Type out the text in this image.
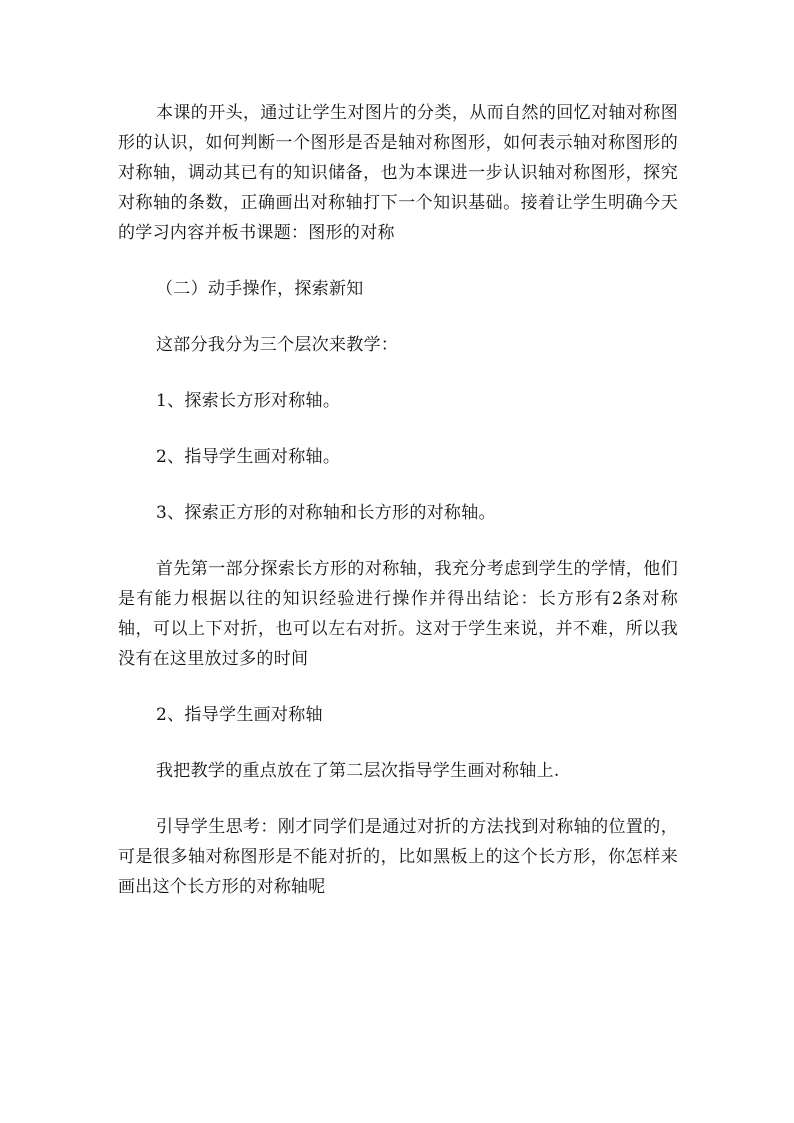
本课的开头，通过让学生对图片的分类，从而自然的回忆对轴对称图形的认识，如何判断一个图形是否是轴对称图形，如何表示轴对称图形的对称轴，调动其已有的知识储备，也为本课进一步认识轴对称图形，探究对称轴的条数，正确画出对称轴打下一个知识基础。接着让学生明确今天的学习内容并板书课题：图形的对称

（二）动手操作，探索新知

这部分我分为三个层次来教学：

1、探索长方形对称轴。

2、指导学生画对称轴。

3、探索正方形的对称轴和长方形的对称轴。

首先第一部分探索长方形的对称轴，我充分考虑到学生的学情，他们是有能力根据以往的知识经验进行操作并得出结论：长方形有2条对称轴，可以上下对折，也可以左右对折。这对于学生来说，并不难，所以我没有在这里放过多的时间

2、指导学生画对称轴

我把教学的重点放在了第二层次指导学生画对称轴上.

引导学生思考：刚才同学们是通过对折的方法找到对称轴的位置的，可是很多轴对称图形是不能对折的，比如黑板上的这个长方形，你怎样来画出这个长方形的对称轴呢
